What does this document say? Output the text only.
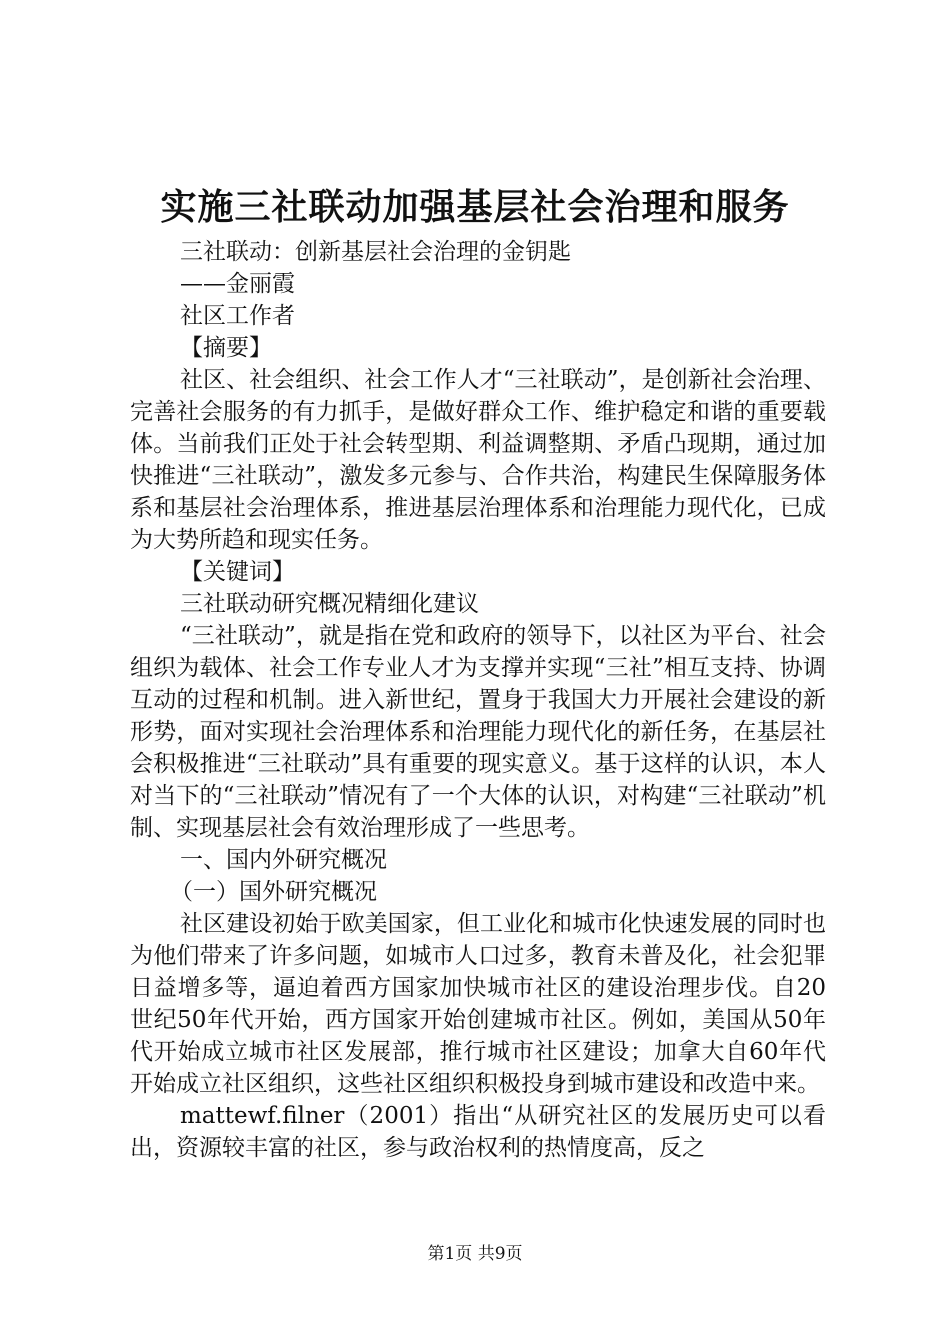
实施三社联动加强基层社会治理和服务

三社联动：创新基层社会治理的金钥匙

——金丽霞

社区工作者

【摘要】

社区、社会组织、社会工作人才“三社联动”，是创新社会治理、完善社会服务的有力抓手，是做好群众工作、维护稳定和谐的重要载体。当前我们正处于社会转型期、利益调整期、矛盾凸现期，通过加快推进“三社联动”，激发多元参与、合作共治，构建民生保障服务体系和基层社会治理体系，推进基层治理体系和治理能力现代化，已成为大势所趋和现实任务。

【关键词】

三社联动研究概况精细化建议

“三社联动”，就是指在党和政府的领导下，以社区为平台、社会组织为载体、社会工作专业人才为支撑并实现“三社”相互支持、协调互动的过程和机制。进入新世纪，置身于我国大力开展社会建设的新形势，面对实现社会治理体系和治理能力现代化的新任务，在基层社会积极推进“三社联动”具有重要的现实意义。基于这样的认识，本人对当下的“三社联动”情况有了一个大体的认识，对构建“三社联动”机制、实现基层社会有效治理形成了一些思考。

一、国内外研究概况

（一）国外研究概况

社区建设初始于欧美国家，但工业化和城市化快速发展的同时也为他们带来了许多问题，如城市人口过多，教育未普及化，社会犯罪日益增多等，逼迫着西方国家加快城市社区的建设治理步伐。自20世纪50年代开始，西方国家开始创建城市社区。例如，美国从50年代开始成立城市社区发展部，推行城市社区建设；加拿大自60年代开始成立社区组织，这些社区组织积极投身到城市建设和改造中来。

mattewf.filner（2001）指出“从研究社区的发展历史可以看出，资源较丰富的社区，参与政治权利的热情度高，反之

第1页 共9页
